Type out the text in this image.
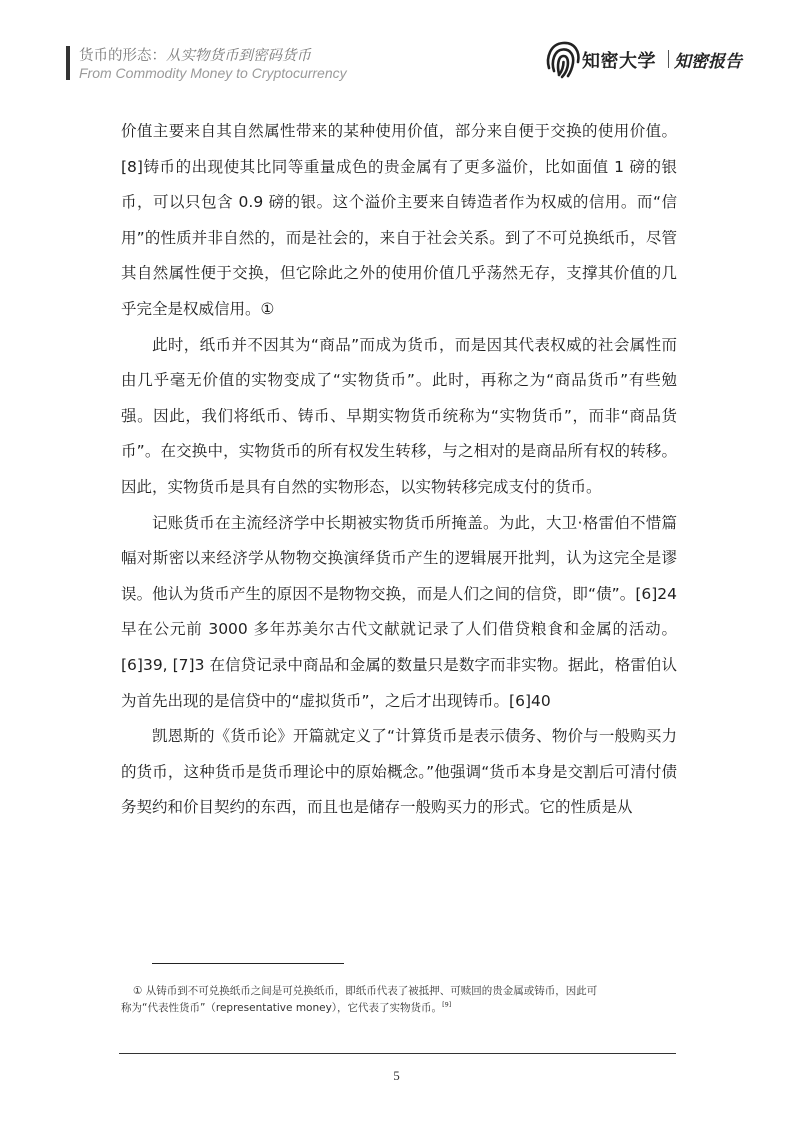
货币的形态：从实物货币到密码货币
From Commodity Money to Cryptocurrency
知密大学 知密报告

价值主要来自其自然属性带来的某种使用价值，部分来自便于交换的使用价值。[8]铸币的出现使其比同等重量成色的贵金属有了更多溢价，比如面值 1 磅的银币，可以只包含 0.9 磅的银。这个溢价主要来自铸造者作为权威的信用。而“信用”的性质并非自然的，而是社会的，来自于社会关系。到了不可兑换纸币，尽管其自然属性便于交换，但它除此之外的使用价值几乎荡然无存，支撑其价值的几乎完全是权威信用。①

此时，纸币并不因其为“商品”而成为货币，而是因其代表权威的社会属性而由几乎毫无价值的实物变成了“实物货币”。此时，再称之为“商品货币”有些勉强。因此，我们将纸币、铸币、早期实物货币统称为“实物货币”，而非“商品货币”。在交换中，实物货币的所有权发生转移，与之相对的是商品所有权的转移。因此，实物货币是具有自然的实物形态，以实物转移完成支付的货币。

记账货币在主流经济学中长期被实物货币所掩盖。为此，大卫·格雷伯不惜篇幅对斯密以来经济学从物物交换演绎货币产生的逻辑展开批判，认为这完全是谬误。他认为货币产生的原因不是物物交换，而是人们之间的信贷，即“债”。[6]24 早在公元前 3000 多年苏美尔古代文献就记录了人们借贷粮食和金属的活动。[6]39, [7]3 在信贷记录中商品和金属的数量只是数字而非实物。据此，格雷伯认为首先出现的是信贷中的“虚拟货币”，之后才出现铸币。[6]40

凯恩斯的《货币论》开篇就定义了“计算货币是表示债务、物价与一般购买力的货币，这种货币是货币理论中的原始概念。”他强调“货币本身是交割后可清付债务契约和价目契约的东西，而且也是储存一般购买力的形式。它的性质是从

① 从铸币到不可兑换纸币之间是可兑换纸币，即纸币代表了被抵押、可赎回的贵金属或铸币，因此可
称为“代表性货币”（representative money），它代表了实物货币。[9]

5
